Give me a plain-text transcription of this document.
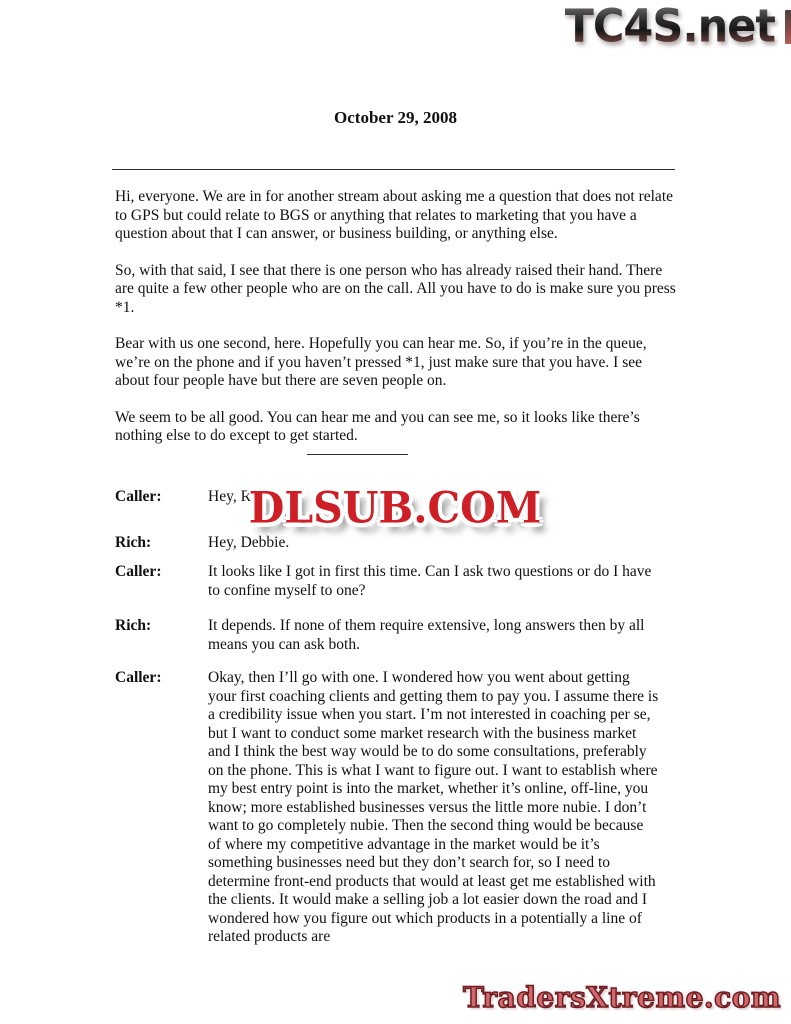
TC4S.net
October 29, 2008

Hi, everyone. We are in for another stream about asking me a question that does not relate to GPS but could relate to BGS or anything that relates to marketing that you have a question about that I can answer, or business building, or anything else.

So, with that said, I see that there is one person who has already raised their hand. There are quite a few other people who are on the call. All you have to do is make sure you press *1.

Bear with us one second, here. Hopefully you can hear me. So, if you’re in the queue, we’re on the phone and if you haven’t pressed *1, just make sure that you have. I see about four people have but there are seven people on.

We seem to be all good. You can hear me and you can see me, so it looks like there’s nothing else to do except to get started.

Caller:	Hey, Ri
Rich:	Hey, Debbie.
Caller:	It looks like I got in first this time. Can I ask two questions or do I have to confine myself to one?
Rich:	It depends. If none of them require extensive, long answers then by all means you can ask both.
Caller:	Okay, then I’ll go with one. I wondered how you went about getting your first coaching clients and getting them to pay you. I assume there is a credibility issue when you start. I’m not interested in coaching per se, but I want to conduct some market research with the business market and I think the best way would be to do some consultations, preferably on the phone. This is what I want to figure out. I want to establish where my best entry point is into the market, whether it’s online, off-line, you know; more established businesses versus the little more nubie. I don’t want to go completely nubie. Then the second thing would be because of where my competitive advantage in the market would be it’s something businesses need but they don’t search for, so I need to determine front-end products that would at least get me established with the clients. It would make a selling job a lot easier down the road and I wondered how you figure out which products in a potentially a line of related products are
DLSUB.COM
TradersXtreme.com
